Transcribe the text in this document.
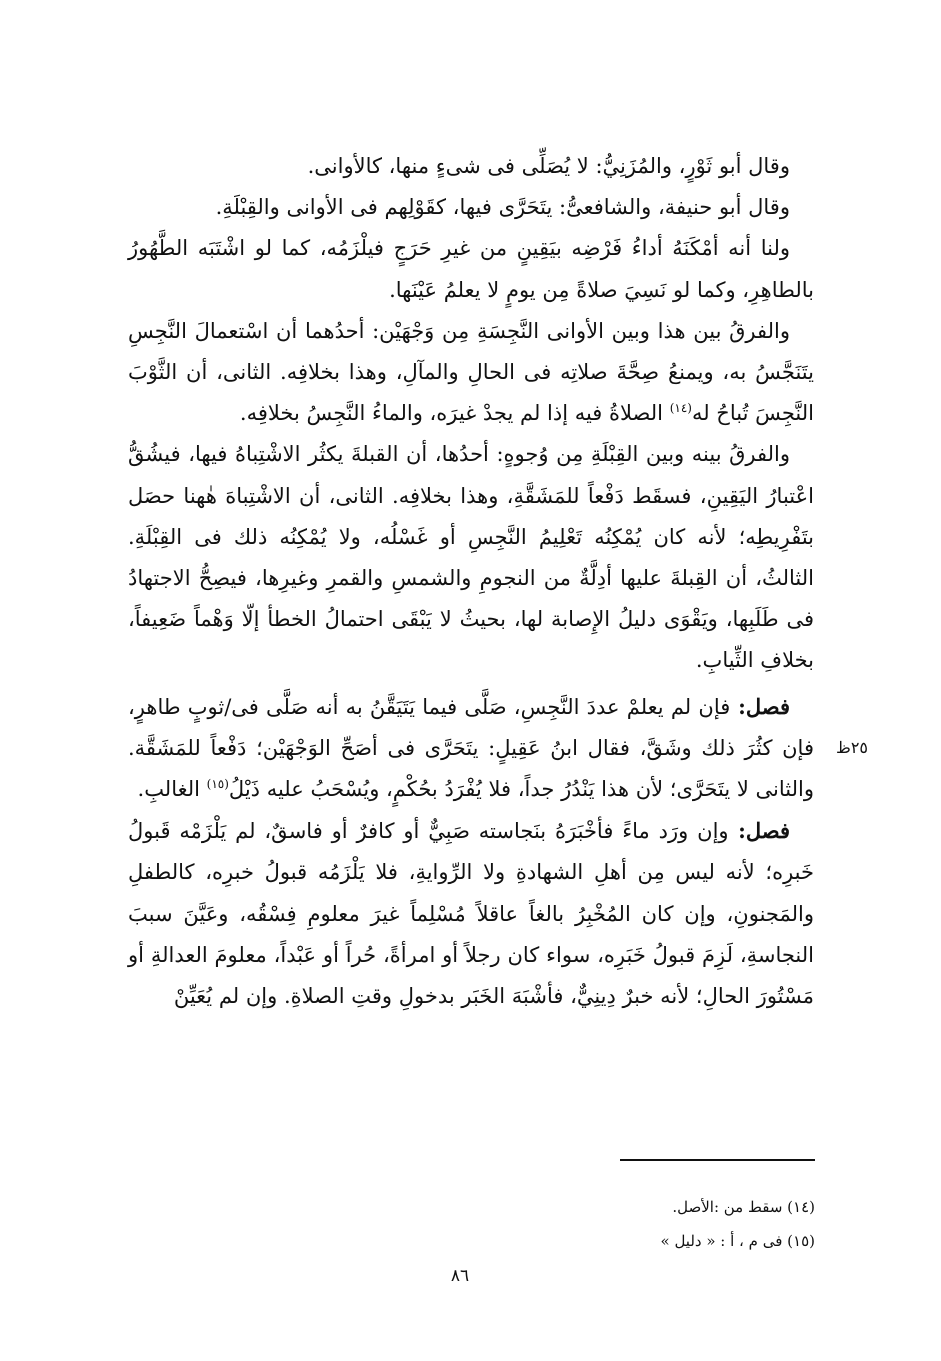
وقال أبو ثَوْرٍ، والمُزَنِيُّ: لا يُصَلِّى فى شىءٍ منها، كالأوانى.

وقال أبو حنيفة، والشافعىُّ: يتَحَرَّى فيها، كقَوْلِهم فى الأوانى والقِبْلَةِ.

ولنا أنه أمْكَنَهُ أداءُ فَرْضِه بيَقِينٍ من غيرِ حَرَجٍ فيلْزَمُه، كما لو اشْتَبَه الطَّهُورُ بالطاهِرِ، وكما لو نَسِيَ صلاةً مِن يومٍ لا يعلمُ عَيْنَها.

والفرقُ بين هذا وبين الأوانى النَّجِسَةِ مِن وَجْهَيْن: أحدُهما أن اسْتعمالَ النَّجِسِ يتَنَجَّسُ به، ويمنعُ صِحَّةَ صلاتِه فى الحالِ والمآلِ، وهذا بخلافِه. الثانى، أن الثَّوْبَ النَّجِسَ تُباحُ له$^{(١٤)}$ الصلاةُ فيه إذا لم يجدْ غيرَه، والماءُ النَّجِسُ بخلافِه.

والفرقُ بينه وبين القِبْلَةِ مِن وُجوهٍ: أحدُها، أن القبلةَ يكثُر الاشْتِباهُ فيها، فيشُقُّ اعْتبارُ اليَقِينِ، فسقَط دَفْعاً للمَشَقَّةِ، وهذا بخلافِه. الثانى، أن الاشْتِباهَ هٰهنا حصَل بتَفْرِيطِه؛ لأنه كان يُمْكِنُه تَعْلِيمُ النَّجِسِ أو غَسْلُه، ولا يُمْكِنُه ذلك فى القِبْلَةِ. الثالثُ، أن القِبلةَ عليها أدِلَّةٌ من النجومِ والشمسِ والقمرِ وغيرِها، فيصِحُّ الاجتهادُ فى طَلَبِها، ويَقْوَى دليلُ الإِصابة لها، بحيثُ لا يَبْقَى احتمالُ الخطأ إلّا وَهْماً ضَعِيفاً، بخلافِ الثِّيابِ.

فصل: فإن لم يعلمْ عددَ النَّجِسِ، صَلَّى فيما يَتَيَقَّنُ به أنه صَلَّى فى/ثوبٍ طاهرٍ، فإن كثُرَ ذلك وشَقَّ، فقال ابنُ عَقِيلٍ: يتَحَرَّى فى أصَحِّ الوَجْهَيْن؛ دَفْعاً للمَشَقَّة. والثانى لا يتَحَرَّى؛ لأن هذا يَنْدُرُ جداً، فلا يُفْرَدُ بحُكْمٍ، ويُسْحَبُ عليه ذَيْلُ$^{(١٥)}$ الغالبِ.

فصل: وإن ورَد ماءً فأخْبَرَهُ بنَجاسته صَبِيٌّ أو كافرٌ أو فاسقٌ، لم يَلْزَمْه قَبولُ خَبرِه؛ لأنه ليس مِن أهلِ الشهادةِ ولا الرِّوايةِ، فلا يَلْزَمُه قبولُ خبرِه، كالطفلِ والمَجنونِ، وإن كان المُخْبِرُ بالغاً عاقلاً مُسْلِماً غيرَ معلومِ فِسْقُه، وعَيَّنَ سببَ النجاسةِ، لَزِمَ قبولُ خَبَرِه، سواء كان رجلاً أو امرأةً، حُراً أو عَبْداً، معلومَ العدالةِ أو مَسْتُورَ الحالِ؛ لأنه خبرٌ دِينِيٌّ، فأشْبَهَ الخَبَر بدخولِ وقتِ الصلاةِ. وإن لم يُعَيِّنْ

٢٥ظ

(١٤) سقط من :الأصل.

(١٥) فى م ، أ : « دليل »

٨٦
